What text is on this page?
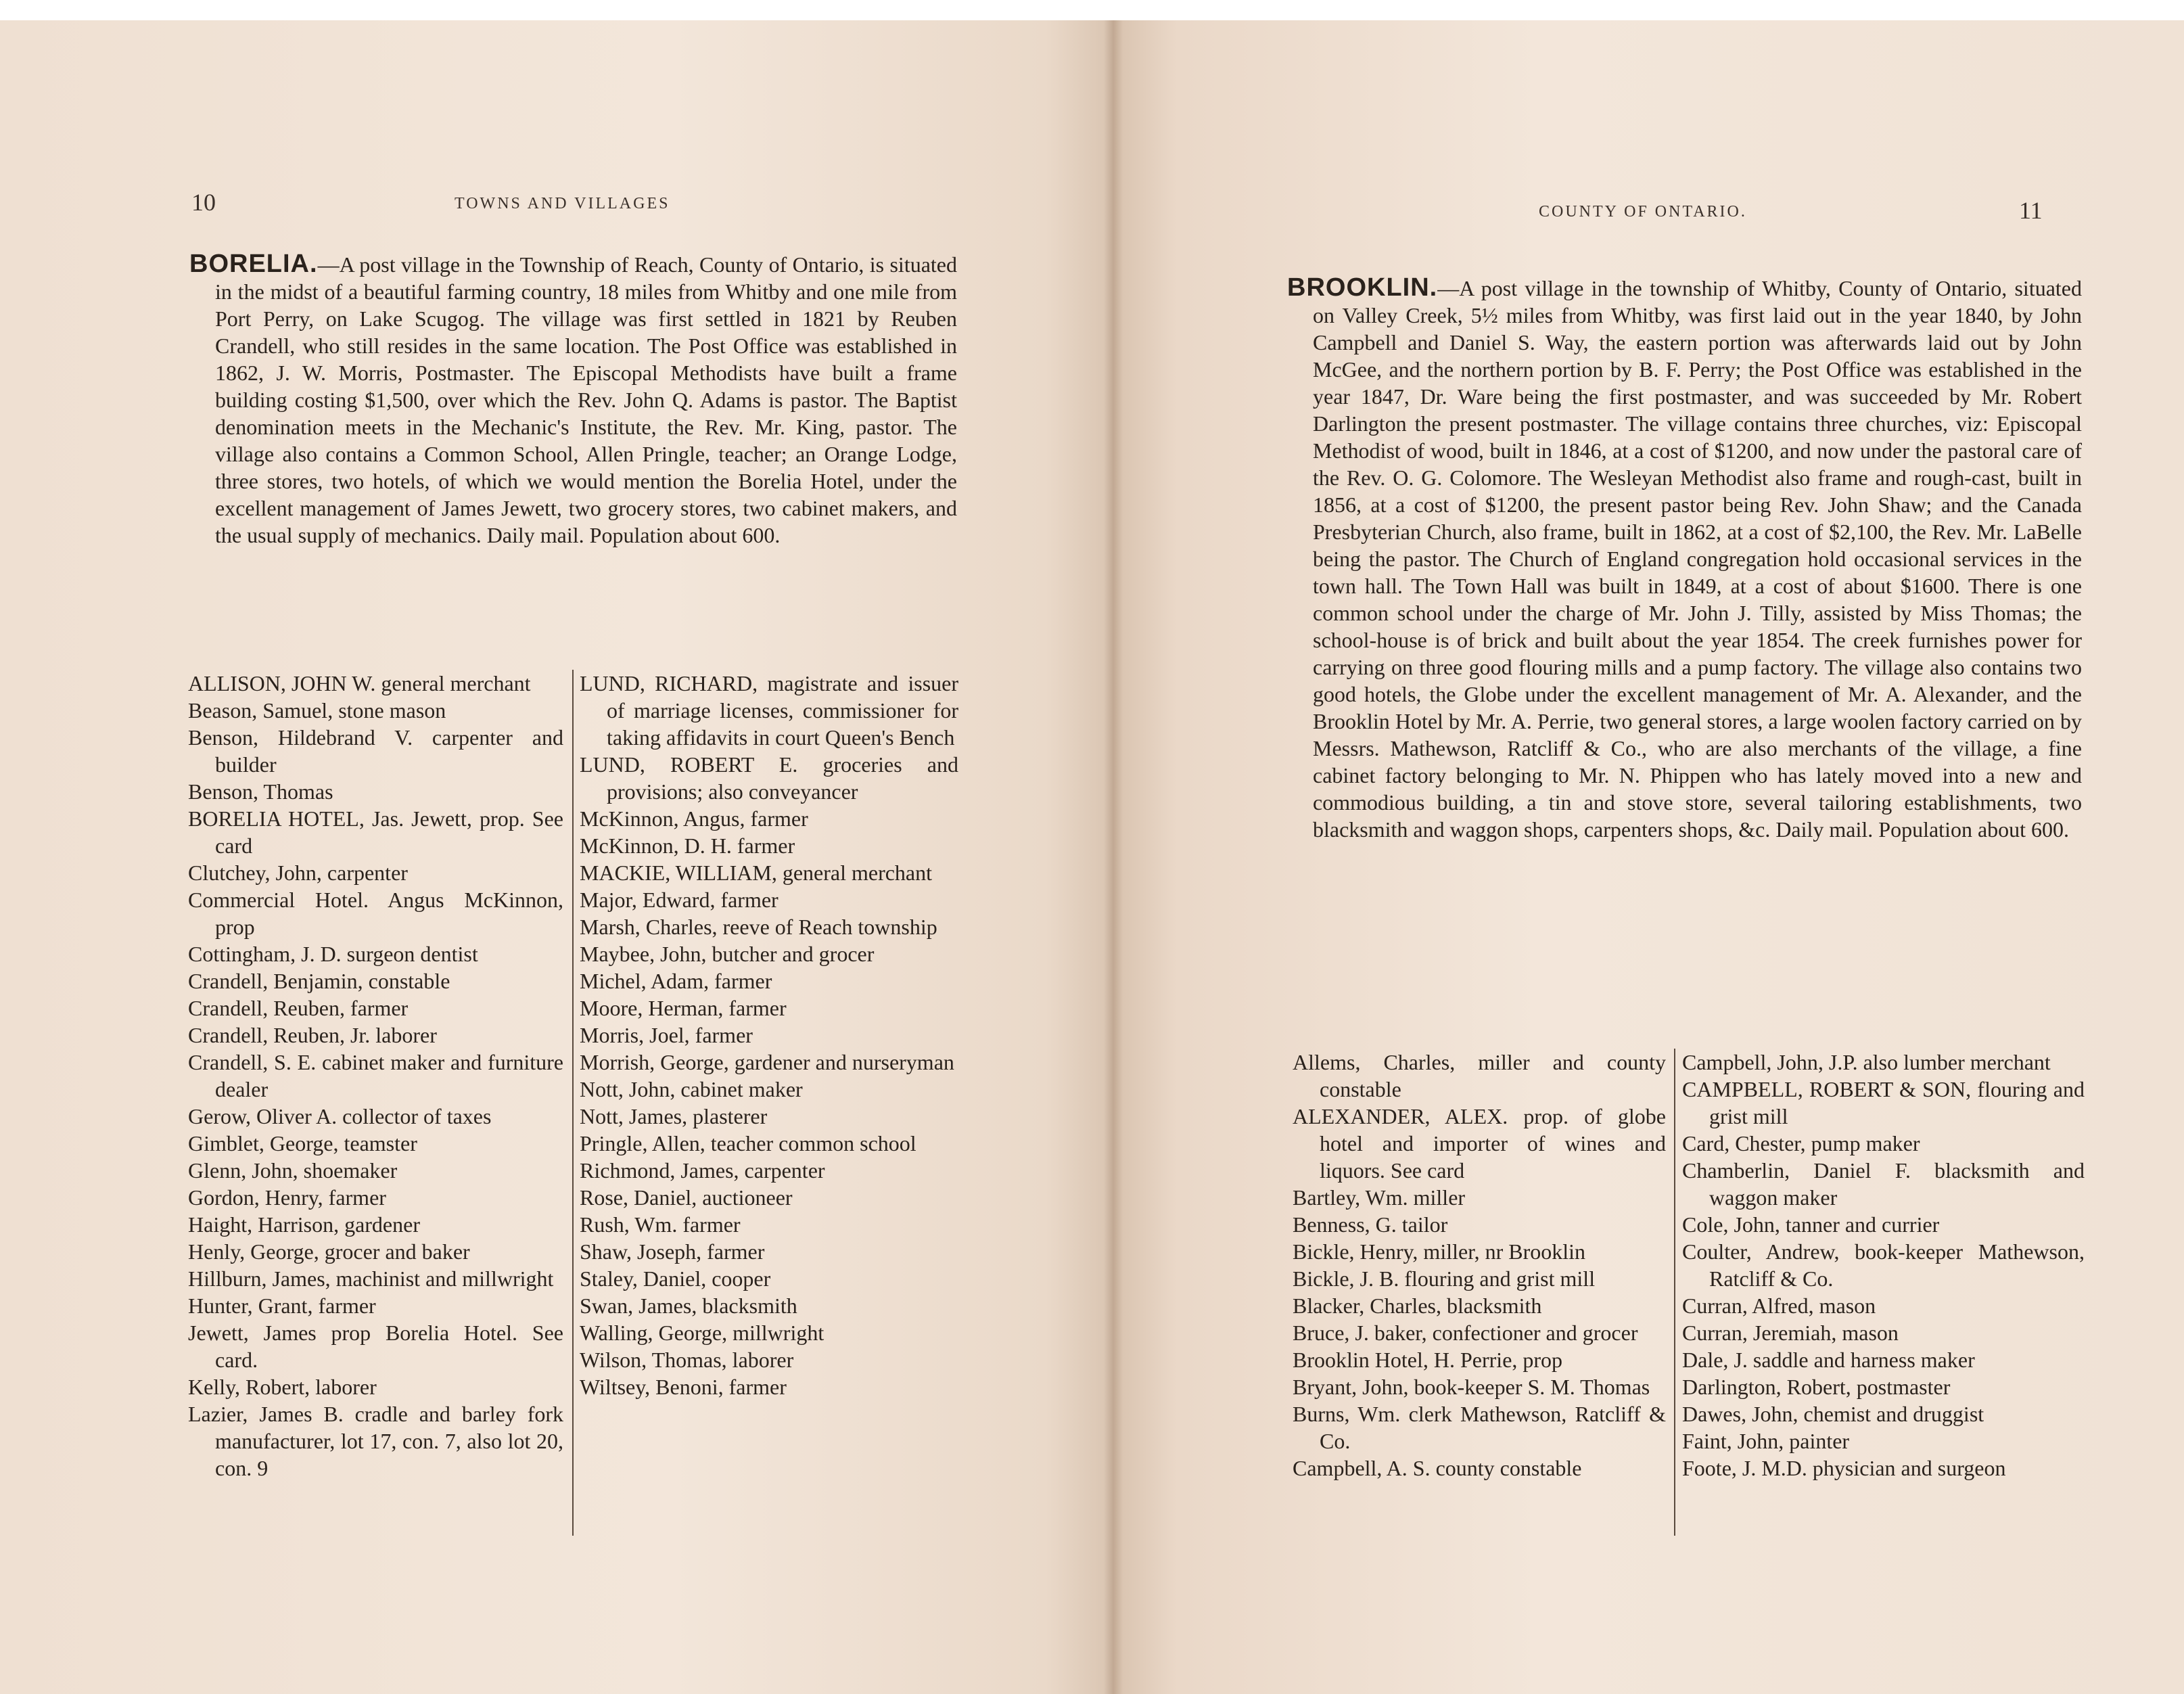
10	TOWNS AND VILLAGES

BORELIA.—A post village in the Township of Reach, County of Ontario, is situated in the midst of a beautiful farming country, 18 miles from Whitby and one mile from Port Perry, on Lake Scugog. The village was first settled in 1821 by Reuben Crandell, who still resides in the same location. The Post Office was established in 1862, J. W. Morris, Postmaster. The Episcopal Methodists have built a frame building costing $1,500, over which the Rev. John Q. Adams is pastor. The Baptist denomination meets in the Mechanic's Institute, the Rev. Mr. King, pastor. The village also contains a Common School, Allen Pringle, teacher; an Orange Lodge, three stores, two hotels, of which we would mention the Borelia Hotel, under the excellent management of James Jewett, two grocery stores, two cabinet makers, and the usual supply of mechanics. Daily mail. Population about 600.

ALLISON, JOHN W. general merchant
Beason, Samuel, stone mason
Benson, Hildebrand V. carpenter and builder
Benson, Thomas
BORELIA HOTEL, Jas. Jewett, prop. See card
Clutchey, John, carpenter
Commercial Hotel. Angus McKinnon, prop
Cottingham, J. D. surgeon dentist
Crandell, Benjamin, constable
Crandell, Reuben, farmer
Crandell, Reuben, Jr. laborer
Crandell, S. E. cabinet maker and furniture dealer
Gerow, Oliver A. collector of taxes
Gimblet, George, teamster
Glenn, John, shoemaker
Gordon, Henry, farmer
Haight, Harrison, gardener
Henly, George, grocer and baker
Hillburn, James, machinist and millwright
Hunter, Grant, farmer
Jewett, James prop Borelia Hotel. See card.
Kelly, Robert, laborer
Lazier, James B. cradle and barley fork manufacturer, lot 17, con. 7, also lot 20, con. 9
LUND, RICHARD, magistrate and issuer of marriage licenses, commissioner for taking affidavits in court Queen's Bench
LUND, ROBERT E. groceries and provisions; also conveyancer
McKinnon, Angus, farmer
McKinnon, D. H. farmer
MACKIE, WILLIAM, general merchant
Major, Edward, farmer
Marsh, Charles, reeve of Reach township
Maybee, John, butcher and grocer
Michel, Adam, farmer
Moore, Herman, farmer
Morris, Joel, farmer
Morrish, George, gardener and nurseryman
Nott, John, cabinet maker
Nott, James, plasterer
Pringle, Allen, teacher common school
Richmond, James, carpenter
Rose, Daniel, auctioneer
Rush, Wm. farmer
Shaw, Joseph, farmer
Staley, Daniel, cooper
Swan, James, blacksmith
Walling, George, millwright
Wilson, Thomas, laborer
Wiltsey, Benoni, farmer
COUNTY OF ONTARIO.	11

BROOKLIN.—A post village in the township of Whitby, County of Ontario, situated on Valley Creek, 5½ miles from Whitby, was first laid out in the year 1840, by John Campbell and Daniel S. Way, the eastern portion was afterwards laid out by John McGee, and the northern portion by B. F. Perry; the Post Office was established in the year 1847, Dr. Ware being the first postmaster, and was succeeded by Mr. Robert Darlington the present postmaster. The village contains three churches, viz: Episcopal Methodist of wood, built in 1846, at a cost of $1200, and now under the pastoral care of the Rev. O. G. Colomore. The Wesleyan Methodist also frame and rough-cast, built in 1856, at a cost of $1200, the present pastor being Rev. John Shaw; and the Canada Presbyterian Church, also frame, built in 1862, at a cost of $2,100, the Rev. Mr. LaBelle being the pastor. The Church of England congregation hold occasional services in the town hall. The Town Hall was built in 1849, at a cost of about $1600. There is one common school under the charge of Mr. John J. Tilly, assisted by Miss Thomas; the school-house is of brick and built about the year 1854. The creek furnishes power for carrying on three good flouring mills and a pump factory. The village also contains two good hotels, the Globe under the excellent management of Mr. A. Alexander, and the Brooklin Hotel by Mr. A. Perrie, two general stores, a large woolen factory carried on by Messrs. Mathewson, Ratcliff & Co., who are also merchants of the village, a fine cabinet factory belonging to Mr. N. Phippen who has lately moved into a new and commodious building, a tin and stove store, several tailoring establishments, two blacksmith and waggon shops, carpenters shops, &c. Daily mail. Population about 600.

Allems, Charles, miller and county constable
ALEXANDER, ALEX. prop. of globe hotel and importer of wines and liquors. See card
Bartley, Wm. miller
Benness, G. tailor
Bickle, Henry, miller, nr Brooklin
Bickle, J. B. flouring and grist mill
Blacker, Charles, blacksmith
Bruce, J. baker, confectioner and grocer
Brooklin Hotel, H. Perrie, prop
Bryant, John, book-keeper S. M. Thomas
Burns, Wm. clerk Mathewson, Ratcliff & Co.
Campbell, A. S. county constable
Campbell, John, J.P. also lumber merchant
CAMPBELL, ROBERT & SON, flouring and grist mill
Card, Chester, pump maker
Chamberlin, Daniel F. blacksmith and waggon maker
Cole, John, tanner and currier
Coulter, Andrew, book-keeper Mathewson, Ratcliff & Co.
Curran, Alfred, mason
Curran, Jeremiah, mason
Dale, J. saddle and harness maker
Darlington, Robert, postmaster
Dawes, John, chemist and druggist
Faint, John, painter
Foote, J. M.D. physician and surgeon
